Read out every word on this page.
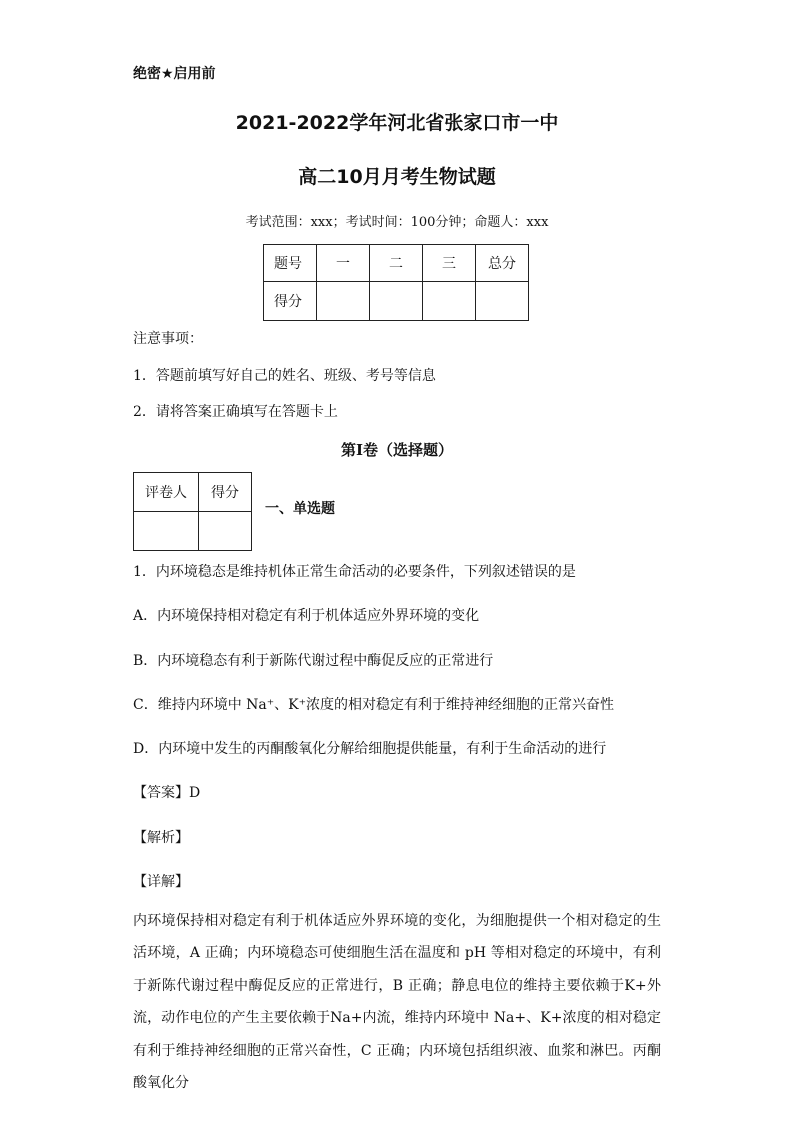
绝密★启用前
2021-2022学年河北省张家口市一中
高二10月月考生物试题
考试范围：xxx；考试时间：100分钟；命题人：xxx
题号	一	二	三	总分
得分				
注意事项：
1．答题前填写好自己的姓名、班级、考号等信息
2．请将答案正确填写在答题卡上
第I卷（选择题）
评卷人	得分

一、单选题
1．内环境稳态是维持机体正常生命活动的必要条件，下列叙述错误的是
A．内环境保持相对稳定有利于机体适应外界环境的变化
B．内环境稳态有利于新陈代谢过程中酶促反应的正常进行
C．维持内环境中 Na⁺、K⁺浓度的相对稳定有利于维持神经细胞的正常兴奋性
D．内环境中发生的丙酮酸氧化分解给细胞提供能量，有利于生命活动的进行
【答案】D
【解析】
【详解】
内环境保持相对稳定有利于机体适应外界环境的变化，为细胞提供一个相对稳定的生活环境，A 正确；内环境稳态可使细胞生活在温度和 pH 等相对稳定的环境中，有利于新陈代谢过程中酶促反应的正常进行，B 正确；静息电位的维持主要依赖于K+外流，动作电位的产生主要依赖于Na+内流，维持内环境中 Na+、K+浓度的相对稳定有利于维持神经细胞的正常兴奋性，C 正确；内环境包括组织液、血浆和淋巴。丙酮酸氧化分
